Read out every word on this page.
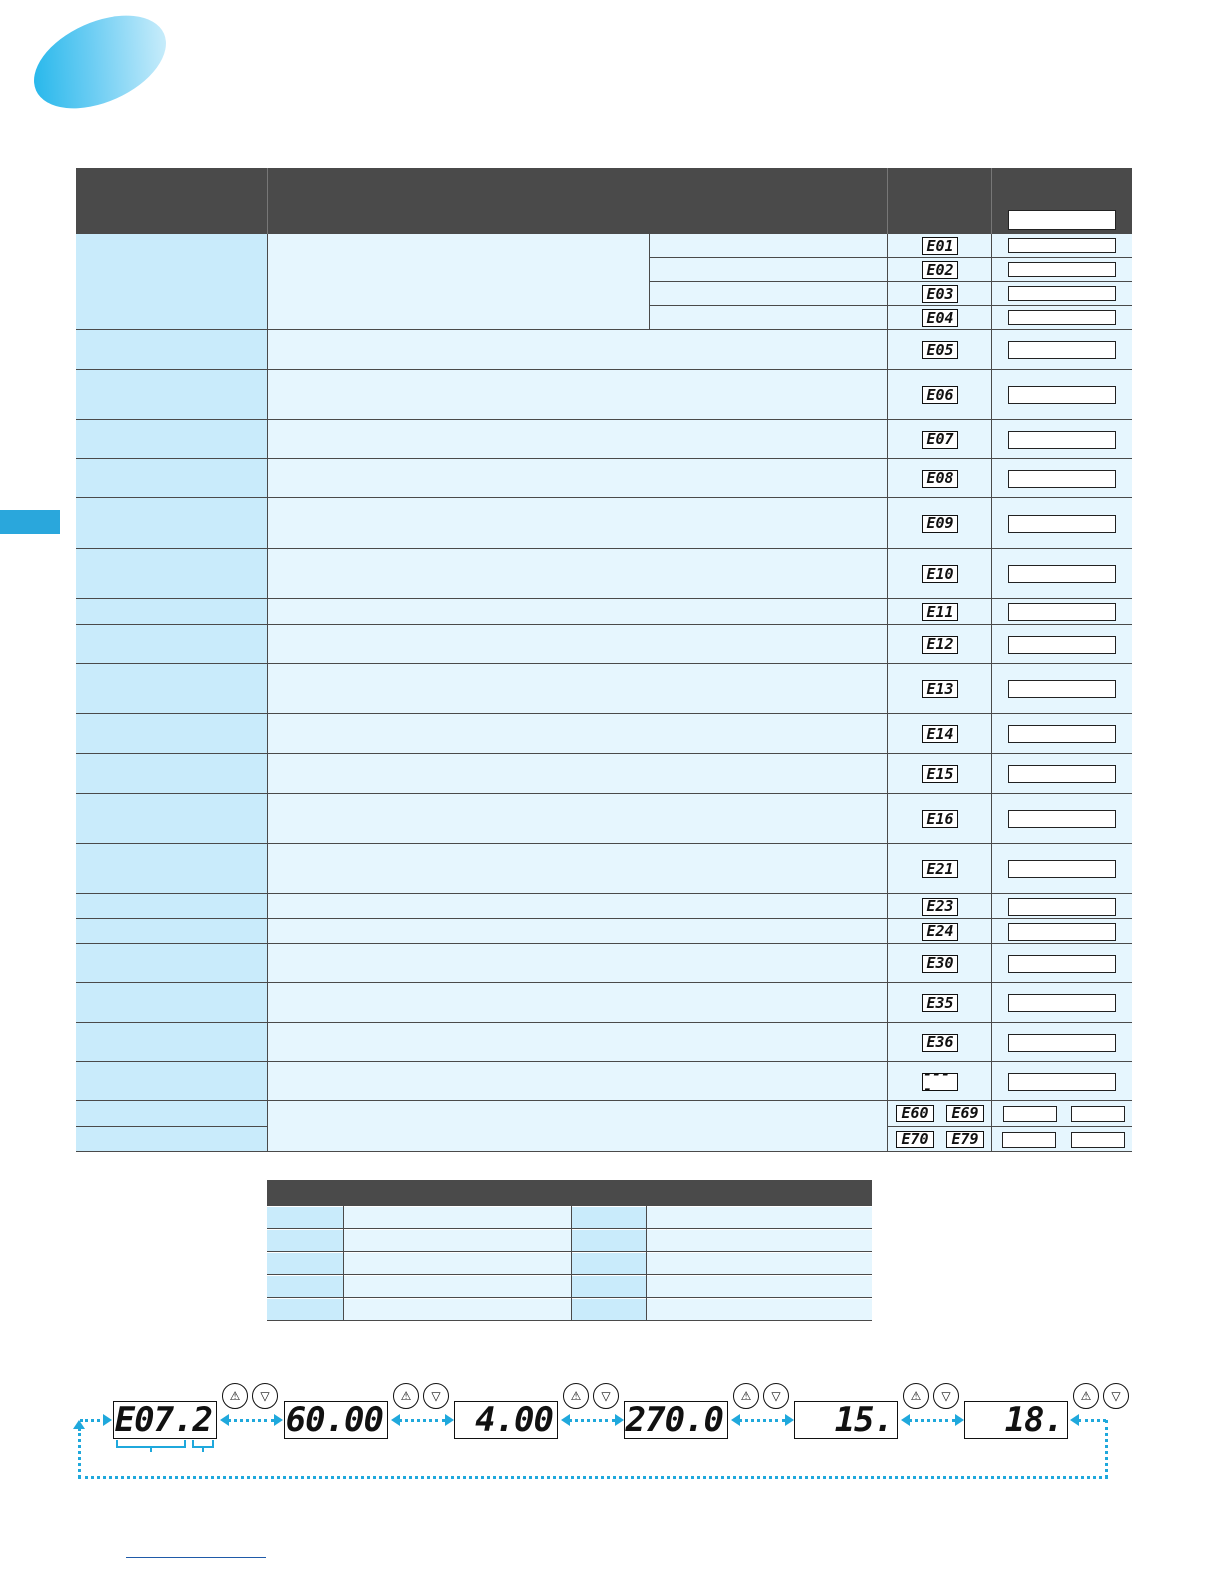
E01
E02
E03
E04
E05
E06
E07
E08
E09
E10
E11
E12
E13
E14
E15
E16
E21
E23
E24
E30
E35
E36
----
E60	E69
E70	E79
E07.2
⚠	▽
60.00
⚠	▽
4.00
⚠	▽
270.0
⚠	▽
15.
⚠	▽
18.
⚠	▽
